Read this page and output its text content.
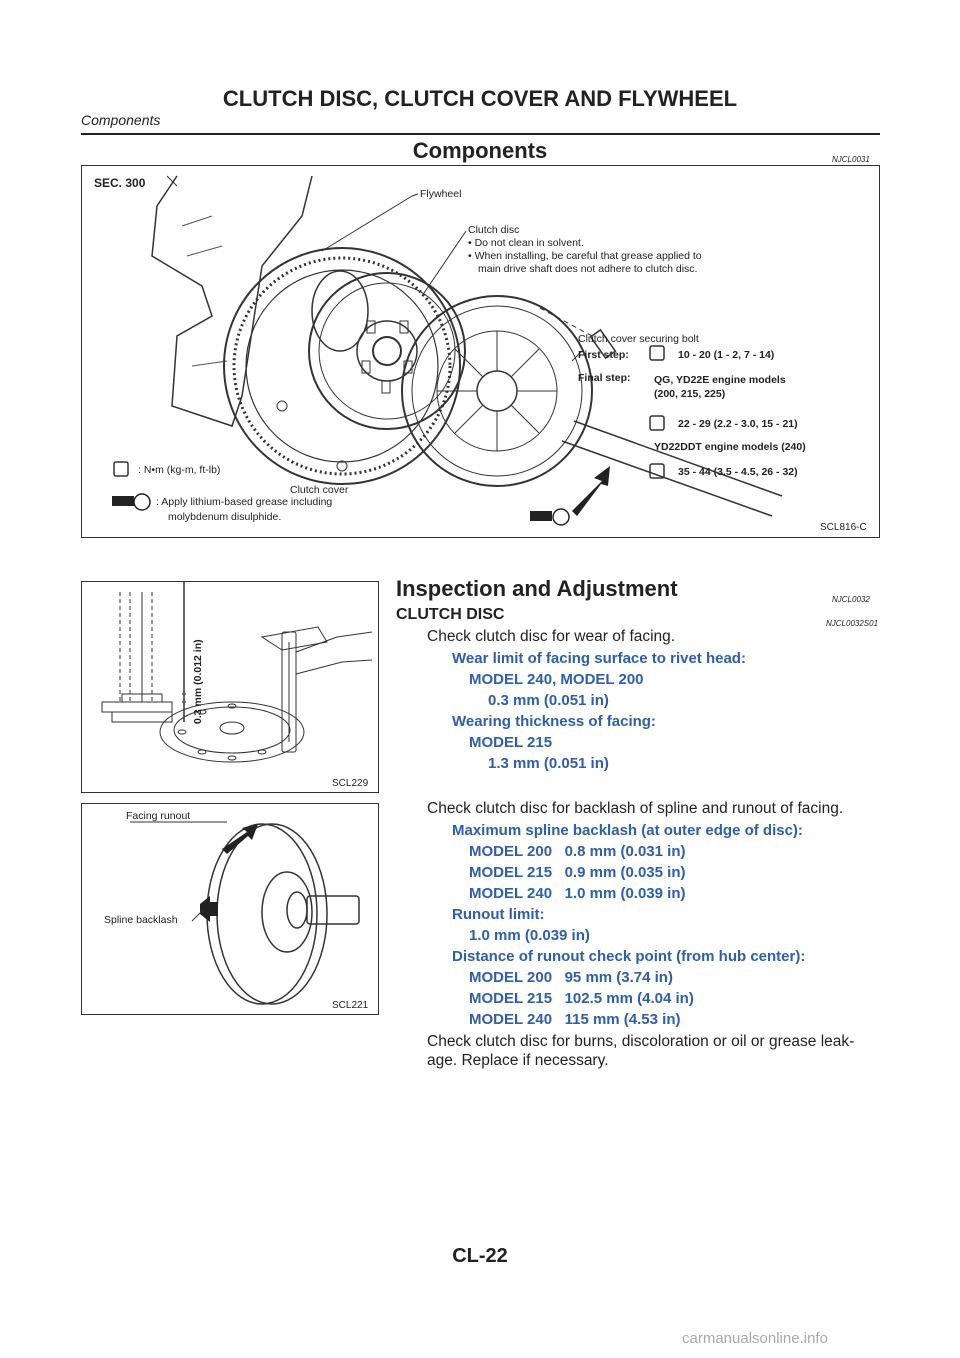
CLUTCH DISC, CLUTCH COVER AND FLYWHEEL
Components
Components	NJCL0031
SEC. 300
Flywheel
Clutch disc
• Do not clean in solvent.
• When installing, be careful that grease applied to
main drive shaft does not adhere to clutch disc.
Clutch cover securing bolt
First step:	10 - 20 (1 - 2, 7 - 14)
Final step: QG, YD22E engine models
(200, 215, 225)
22 - 29 (2.2 - 3.0, 15 - 21)
YD22DDT engine models (240)
35 - 44 (3.5 - 4.5, 26 - 32)
Clutch cover
: N•m (kg-m, ft-lb)
: Apply lithium-based grease including
molybdenum disulphide.
SCL816-C
0.3 mm (0.012 in)
SCL229
Facing runout
Spline backlash
SCL221
Inspection and Adjustment	NJCL0032
CLUTCH DISC
NJCL0032S01
Check clutch disc for wear of facing.
Wear limit of facing surface to rivet head:
MODEL 240, MODEL 200
0.3 mm (0.051 in)
Wearing thickness of facing:
MODEL 215
1.3 mm (0.051 in)
Check clutch disc for backlash of spline and runout of facing.
Maximum spline backlash (at outer edge of disc):
MODEL 200   0.8 mm (0.031 in)
MODEL 215   0.9 mm (0.035 in)
MODEL 240   1.0 mm (0.039 in)
Runout limit:
1.0 mm (0.039 in)
Distance of runout check point (from hub center):
MODEL 200   95 mm (3.74 in)
MODEL 215   102.5 mm (4.04 in)
MODEL 240   115 mm (4.53 in)
Check clutch disc for burns, discoloration or oil or grease leak-
age. Replace if necessary.
CL-22
carmanualsonline.info
